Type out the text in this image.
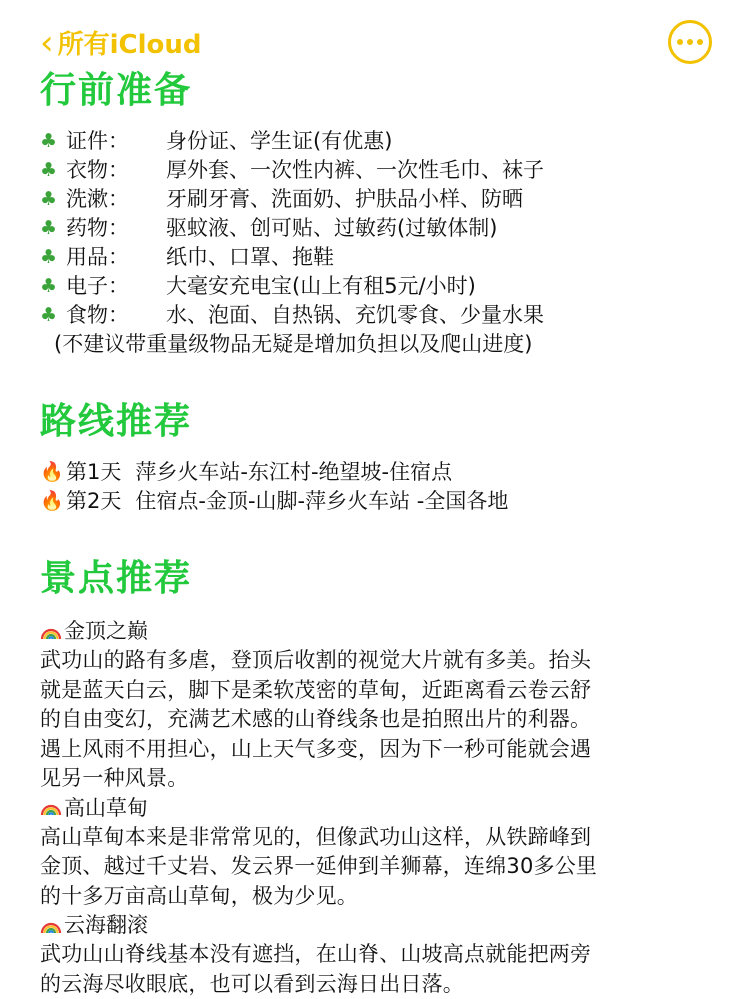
‹ 所有iCloud
行前准备
♣ 证件：	身份证、学生证(有优惠)
♣ 衣物：	厚外套、一次性内裤、一次性毛巾、袜子
♣ 洗漱：	牙刷牙膏、洗面奶、护肤品小样、防晒
♣ 药物：	驱蚊液、创可贴、过敏药(过敏体制)
♣ 用品：	纸巾、口罩、拖鞋
♣ 电子：	大毫安充电宝(山上有租5元/小时)
♣ 食物：	水、泡面、自热锅、充饥零食、少量水果
(不建议带重量级物品无疑是增加负担以及爬山进度)
路线推荐
🔥 第1天 萍乡火车站-东江村-绝望坡-住宿点
🔥 第2天 住宿点-金顶-山脚-萍乡火车站 -全国各地
景点推荐
金顶之巅
武功山的路有多虐，登顶后收割的视觉大片就有多美。抬头
就是蓝天白云，脚下是柔软茂密的草甸，近距离看云卷云舒
的自由变幻，充满艺术感的山脊线条也是拍照出片的利器。
遇上风雨不用担心，山上天气多变，因为下一秒可能就会遇
见另一种风景。
高山草甸
高山草甸本来是非常常见的，但像武功山这样，从铁蹄峰到
金顶、越过千丈岩、发云界一延伸到羊狮幕，连绵30多公里
的十多万亩高山草甸，极为少见。
云海翻滚
武功山山脊线基本没有遮挡，在山脊、山坡高点就能把两旁
的云海尽收眼底，也可以看到云海日出日落。
